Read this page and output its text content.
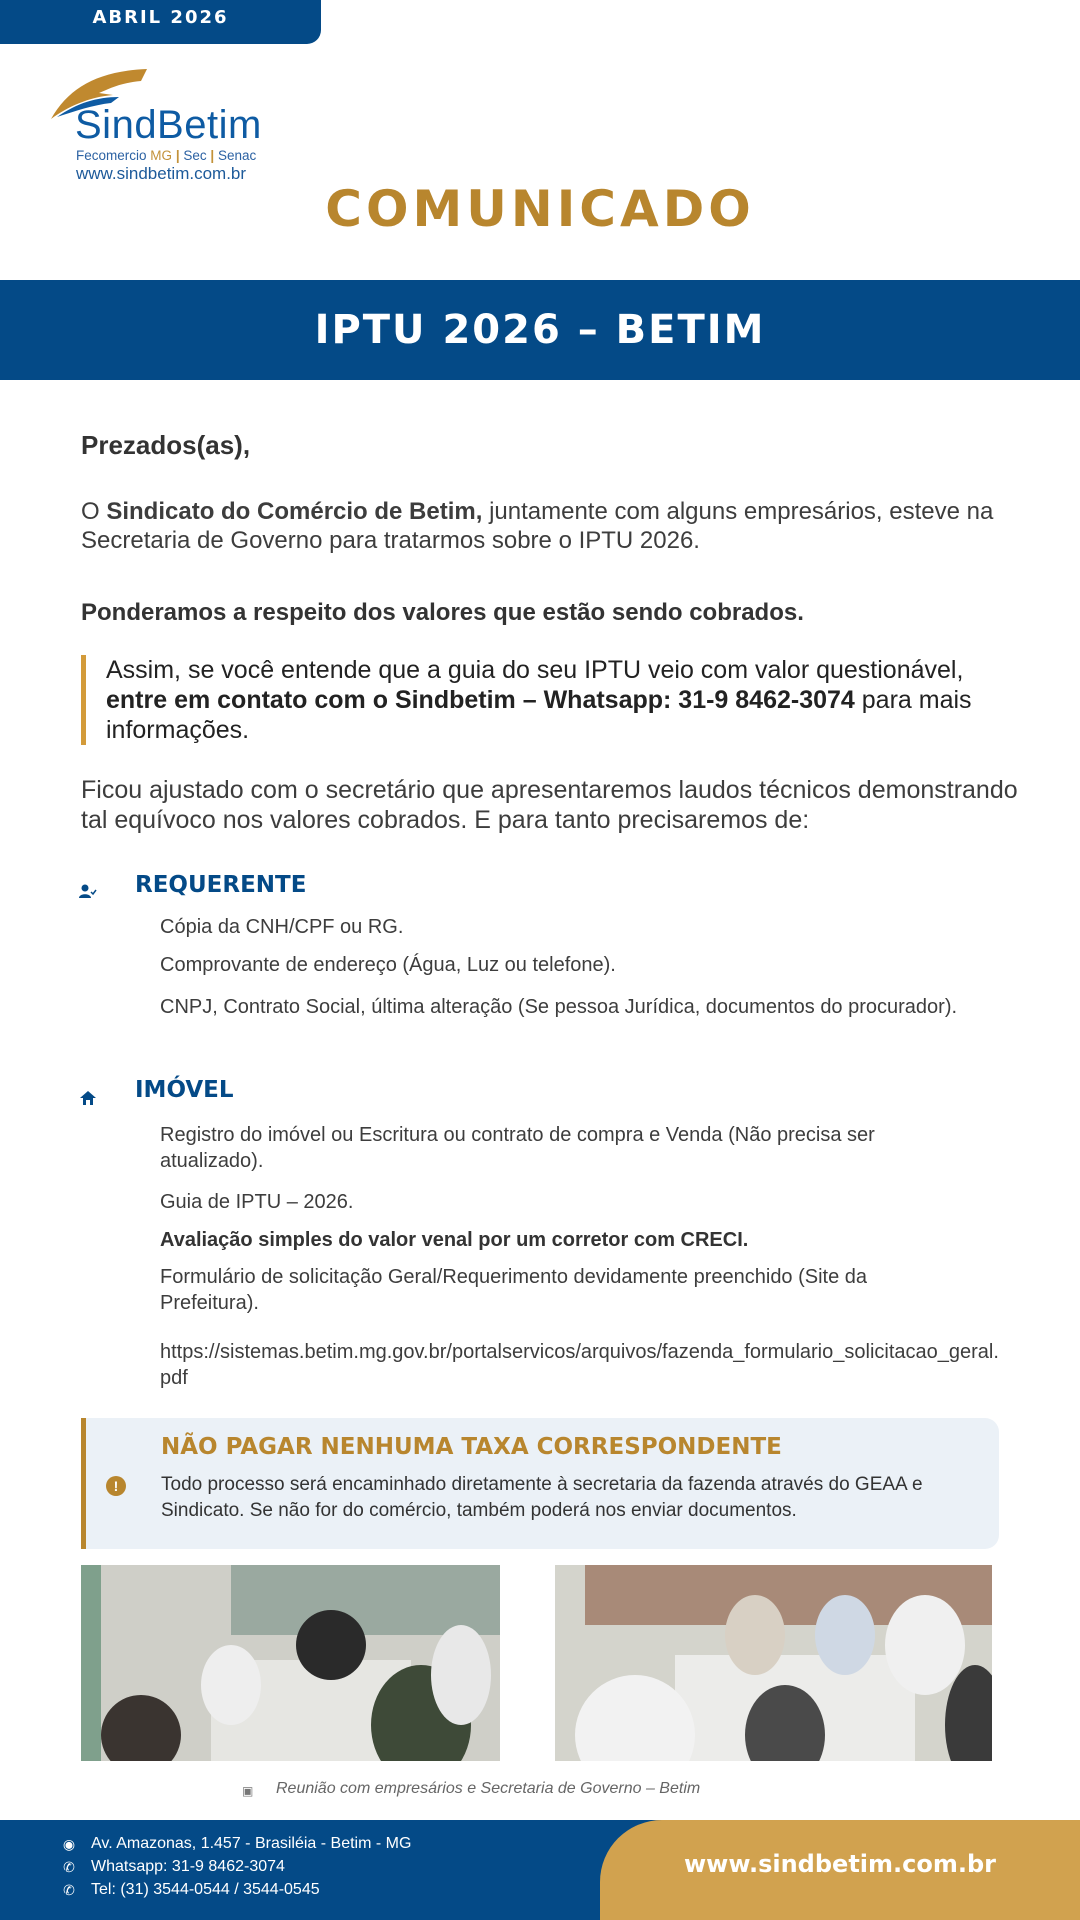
ABRIL 2026
SindBetim
Fecomercio MG | Sec | Senac
www.sindbetim.com.br
COMUNICADO
IPTU 2026 – BETIM
Prezados(as),
O Sindicato do Comércio de Betim, juntamente com alguns empresários, esteve na Secretaria de Governo para tratarmos sobre o IPTU 2026.
Ponderamos a respeito dos valores que estão sendo cobrados.
Assim, se você entende que a guia do seu IPTU veio com valor questionável, entre em contato com o Sindbetim – Whatsapp: 31-9 8462-3074 para mais informações.
Ficou ajustado com o secretário que apresentaremos laudos técnicos demonstrando tal equívoco nos valores cobrados. E para tanto precisaremos de:
REQUERENTE
Cópia da CNH/CPF ou RG.
Comprovante de endereço (Água, Luz ou telefone).
CNPJ, Contrato Social, última alteração (Se pessoa Jurídica, documentos do procurador).
IMÓVEL
Registro do imóvel ou Escritura ou contrato de compra e Venda (Não precisa ser atualizado).
Guia de IPTU – 2026.
Avaliação simples do valor venal por um corretor com CRECI.
Formulário de solicitação Geral/Requerimento devidamente preenchido (Site da Prefeitura).
https://sistemas.betim.mg.gov.br/portalservicos/arquivos/fazenda_formulario_solicitacao_geral.pdf
!
NÃO PAGAR NENHUMA TAXA CORRESPONDENTE
Todo processo será encaminhado diretamente à secretaria da fazenda através do GEAA e Sindicato. Se não for do comércio, também poderá nos enviar documentos.
▣ Reunião com empresários e Secretaria de Governo – Betim
◉ Av. Amazonas, 1.457 - Brasiléia - Betim - MG
✆ Whatsapp: 31-9 8462-3074
✆ Tel: (31) 3544-0544 / 3544-0545
www.sindbetim.com.br
